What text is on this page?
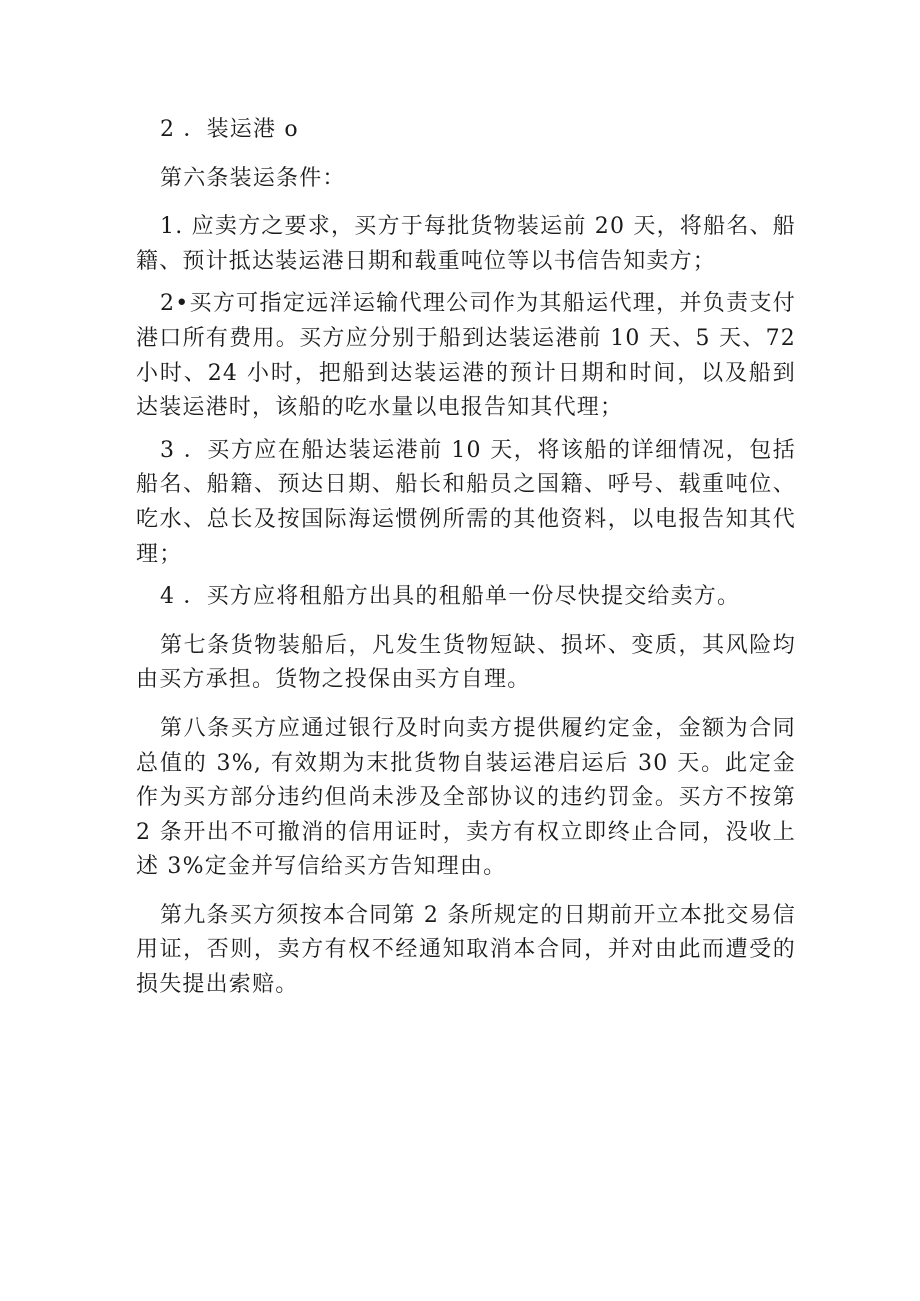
2 ．装运港 o

第六条装运条件：

1. 应卖方之要求，买方于每批货物装运前 20 天，将船名、船籍、预计抵达装运港日期和载重吨位等以书信告知卖方；

2•买方可指定远洋运输代理公司作为其船运代理，并负责支付港口所有费用。买方应分别于船到达装运港前 10 天、5 天、72 小时、24 小时，把船到达装运港的预计日期和时间，以及船到达装运港时，该船的吃水量以电报告知其代理；

3 ．买方应在船达装运港前 10 天，将该船的详细情况，包括船名、船籍、预达日期、船长和船员之国籍、呼号、载重吨位、吃水、总长及按国际海运惯例所需的其他资料，以电报告知其代理；

4 ．买方应将租船方出具的租船单一份尽快提交给卖方。

第七条货物装船后，凡发生货物短缺、损坏、变质，其风险均由买方承担。货物之投保由买方自理。

第八条买方应通过银行及时向卖方提供履约定金，金额为合同总值的 3%, 有效期为末批货物自装运港启运后 30 天。此定金作为买方部分违约但尚未涉及全部协议的违约罚金。买方不按第 2 条开出不可撤消的信用证时，卖方有权立即终止合同，没收上述 3%定金并写信给买方告知理由。

第九条买方须按本合同第 2 条所规定的日期前开立本批交易信用证，否则，卖方有权不经通知取消本合同，并对由此而遭受的损失提出索赔。
